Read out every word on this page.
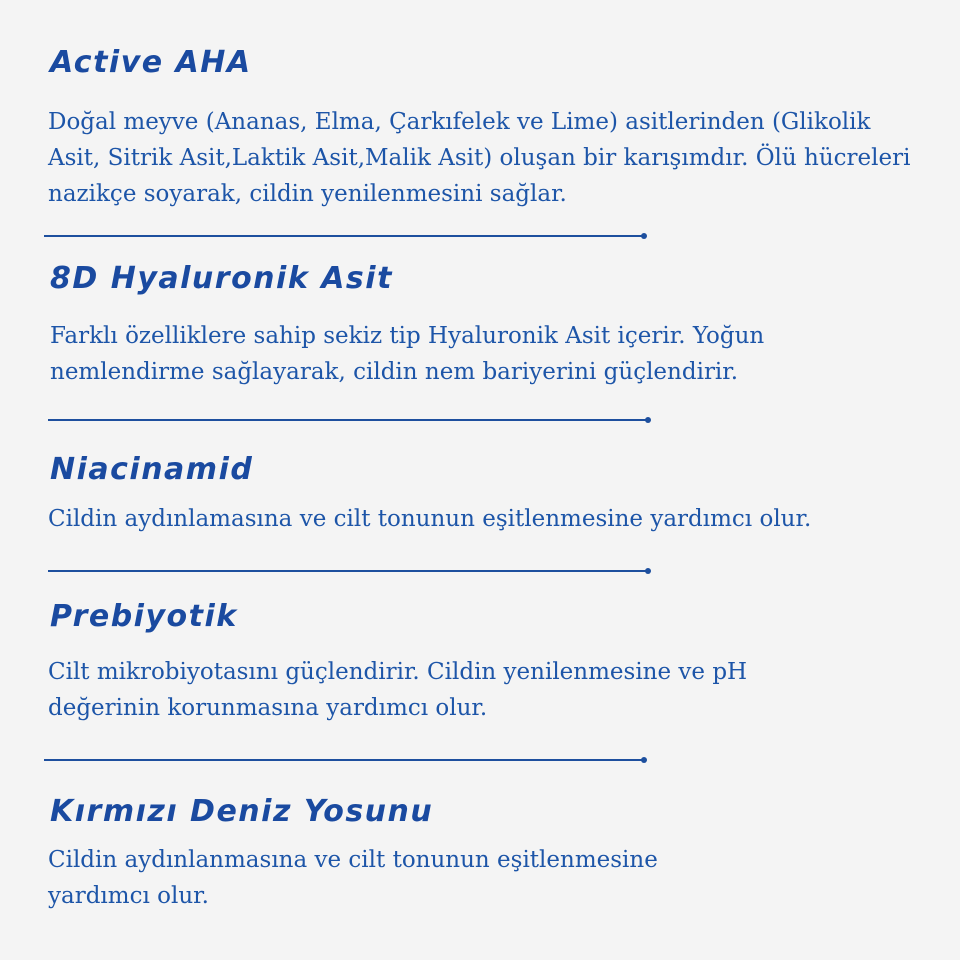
Active AHA
Doğal meyve (Ananas, Elma, Çarkıfelek ve Lime) asitlerinden (Glikolik
Asit, Sitrik Asit,Laktik Asit,Malik Asit) oluşan bir karışımdır. Ölü hücreleri
nazikçe soyarak, cildin yenilenmesini sağlar.
8D Hyaluronik Asit
Farklı özelliklere sahip sekiz tip Hyaluronik Asit içerir. Yoğun
nemlendirme sağlayarak, cildin nem bariyerini güçlendirir.
Niacinamid
Cildin aydınlamasına ve cilt tonunun eşitlenmesine yardımcı olur.
Prebiyotik
Cilt mikrobiyotasını güçlendirir. Cildin yenilenmesine ve pH
değerinin korunmasına yardımcı olur.
Kırmızı Deniz Yosunu
Cildin aydınlanmasına ve cilt tonunun eşitlenmesine
yardımcı olur.
